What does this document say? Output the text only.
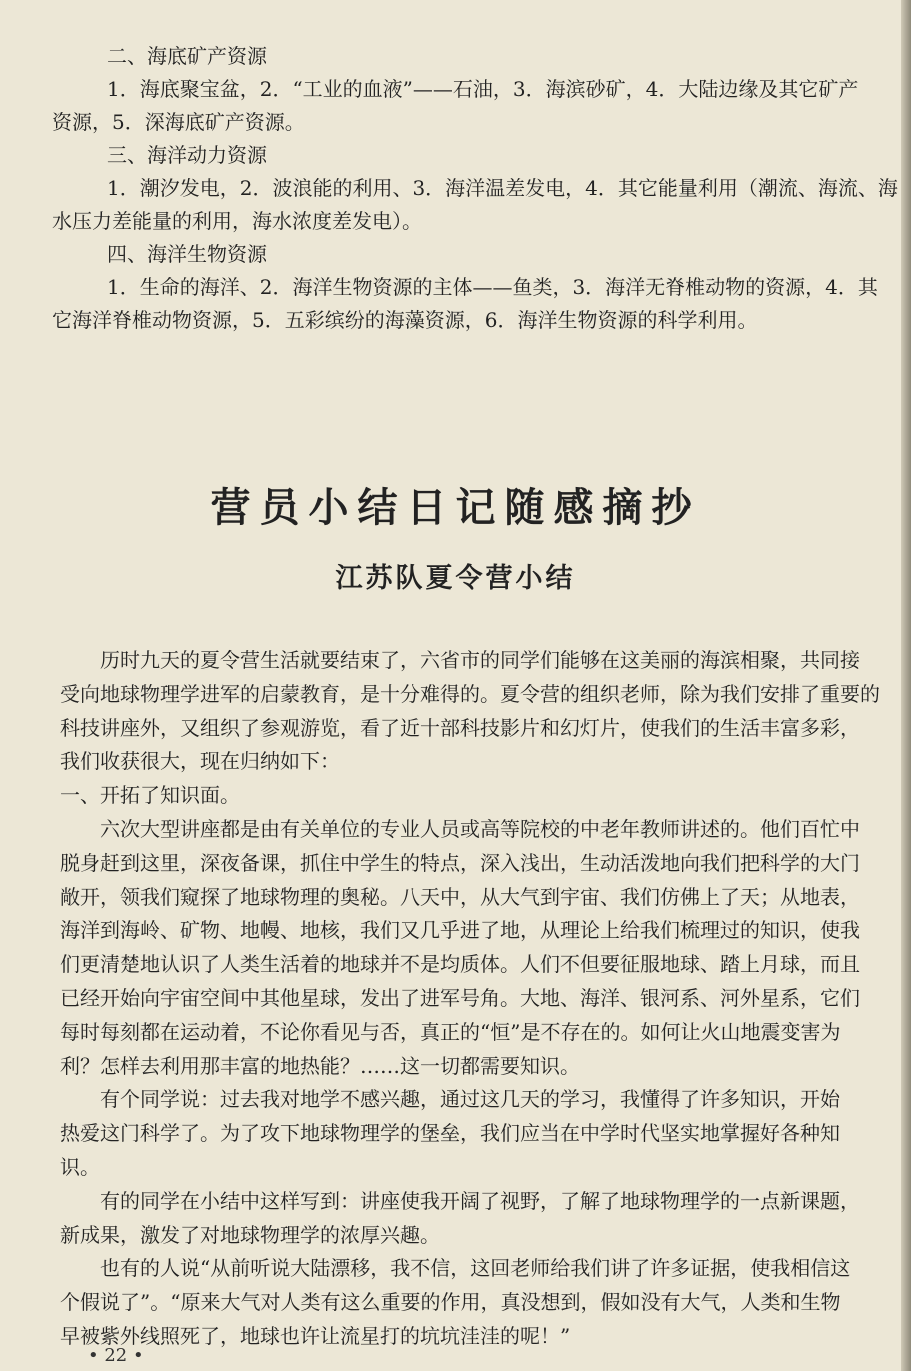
二、海底矿产资源

1．海底聚宝盆，2．“工业的血液”——石油，3．海滨砂矿，4．大陆边缘及其它矿产

资源，5．深海底矿产资源。

三、海洋动力资源

1．潮汐发电，2．波浪能的利用、3．海洋温差发电，4．其它能量利用（潮流、海流、海

水压力差能量的利用，海水浓度差发电）。

四、海洋生物资源

1．生命的海洋、2．海洋生物资源的主体——鱼类，3．海洋无脊椎动物的资源，4．其

它海洋脊椎动物资源，5．五彩缤纷的海藻资源，6．海洋生物资源的科学利用。

营员小结日记随感摘抄
江苏队夏令营小结

历时九天的夏令营生活就要结束了，六省市的同学们能够在这美丽的海滨相聚，共同接

受向地球物理学进军的启蒙教育，是十分难得的。夏令营的组织老师，除为我们安排了重要的

科技讲座外，又组织了参观游览，看了近十部科技影片和幻灯片，使我们的生活丰富多彩，

我们收获很大，现在归纳如下：

一、开拓了知识面。

六次大型讲座都是由有关单位的专业人员或高等院校的中老年教师讲述的。他们百忙中

脱身赶到这里，深夜备课，抓住中学生的特点，深入浅出，生动活泼地向我们把科学的大门

敞开，领我们窥探了地球物理的奥秘。八天中，从大气到宇宙、我们仿佛上了天；从地表，

海洋到海岭、矿物、地幔、地核，我们又几乎进了地，从理论上给我们梳理过的知识，使我

们更清楚地认识了人类生活着的地球并不是均质体。人们不但要征服地球、踏上月球，而且

已经开始向宇宙空间中其他星球，发出了进军号角。大地、海洋、银河系、河外星系，它们

每时每刻都在运动着，不论你看见与否，真正的“恒”是不存在的。如何让火山地震变害为

利？怎样去利用那丰富的地热能？……这一切都需要知识。

有个同学说：过去我对地学不感兴趣，通过这几天的学习，我懂得了许多知识，开始

热爱这门科学了。为了攻下地球物理学的堡垒，我们应当在中学时代坚实地掌握好各种知

识。

有的同学在小结中这样写到：讲座使我开阔了视野，了解了地球物理学的一点新课题，

新成果，激发了对地球物理学的浓厚兴趣。

也有的人说“从前听说大陆漂移，我不信，这回老师给我们讲了许多证据，使我相信这

个假说了”。“原来大气对人类有这么重要的作用，真没想到，假如没有大气，人类和生物

早被紫外线照死了，地球也许让流星打的坑坑洼洼的呢！”

• 22 •
